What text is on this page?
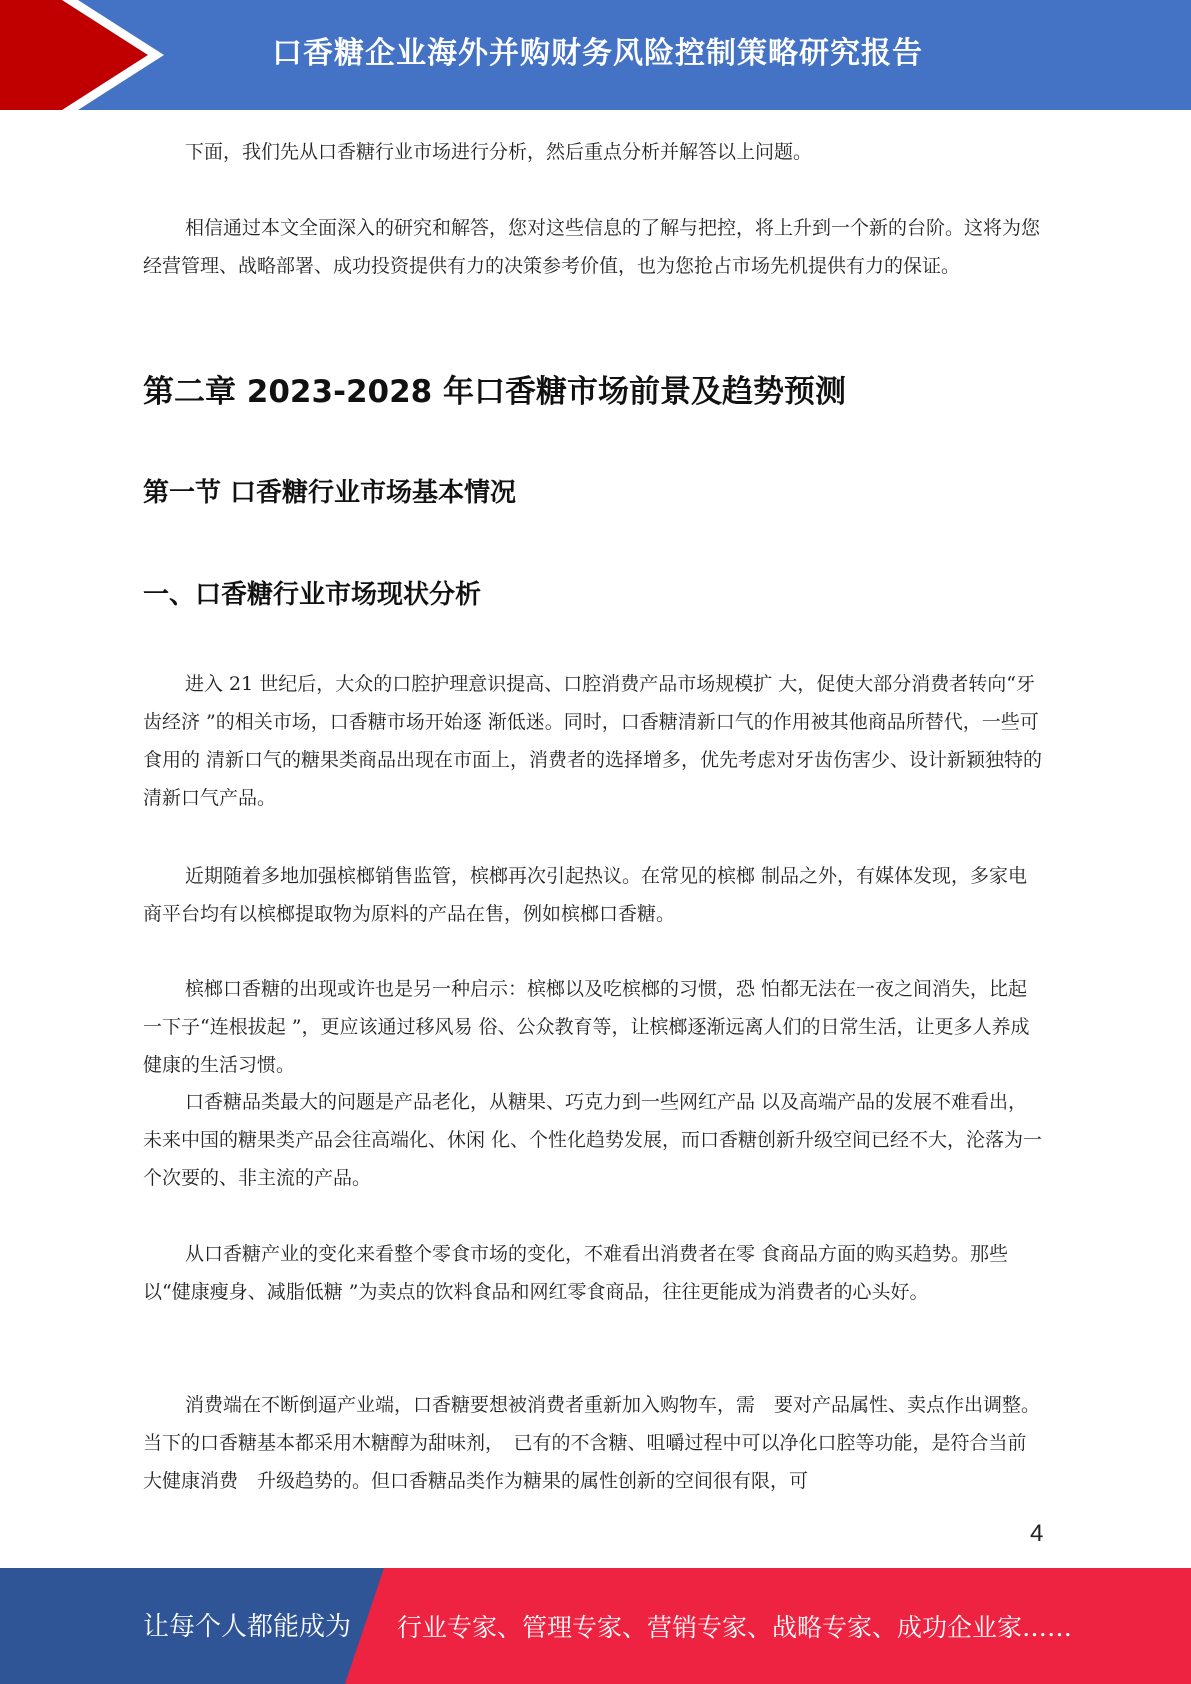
口香糖企业海外并购财务风险控制策略研究报告

下面，我们先从口香糖行业市场进行分析，然后重点分析并解答以上问题。

相信通过本文全面深入的研究和解答，您对这些信息的了解与把控，将上升到一个新的台阶。这将为您经营管理、战略部署、成功投资提供有力的决策参考价值，也为您抢占市场先机提供有力的保证。

第二章 2023-2028 年口香糖市场前景及趋势预测
第一节 口香糖行业市场基本情况
一、口香糖行业市场现状分析

进入 21 世纪后，大众的口腔护理意识提高、口腔消费产品市场规模扩 大，促使大部分消费者转向“牙齿经济 ”的相关市场，口香糖市场开始逐 渐低迷。同时，口香糖清新口气的作用被其他商品所替代，一些可食用的 清新口气的糖果类商品出现在市面上，消费者的选择增多，优先考虑对牙齿伤害少、设计新颖独特的清新口气产品。

近期随着多地加强槟榔销售监管，槟榔再次引起热议。在常见的槟榔 制品之外，有媒体发现，多家电商平台均有以槟榔提取物为原料的产品在售，例如槟榔口香糖。

槟榔口香糖的出现或许也是另一种启示：槟榔以及吃槟榔的习惯，恐 怕都无法在一夜之间消失，比起一下子“连根拔起 ”，更应该通过移风易 俗、公众教育等，让槟榔逐渐远离人们的日常生活，让更多人养成健康的生活习惯。

口香糖品类最大的问题是产品老化，从糖果、巧克力到一些网红产品 以及高端产品的发展不难看出，未来中国的糖果类产品会往高端化、休闲 化、个性化趋势发展，而口香糖创新升级空间已经不大，沦落为一个次要的、非主流的产品。

从口香糖产业的变化来看整个零食市场的变化，不难看出消费者在零 食商品方面的购买趋势。那些以“健康瘦身、减脂低糖 ”为卖点的饮料食品和网红零食商品，往往更能成为消费者的心头好。

消费端在不断倒逼产业端，口香糖要想被消费者重新加入购物车，需　要对产品属性、卖点作出调整。当下的口香糖基本都采用木糖醇为甜味剂，　已有的不含糖、咀嚼过程中可以净化口腔等功能，是符合当前大健康消费　升级趋势的。但口香糖品类作为糖果的属性创新的空间很有限，可

4
让每个人都能成为 行业专家、管理专家、营销专家、战略专家、成功企业家……
